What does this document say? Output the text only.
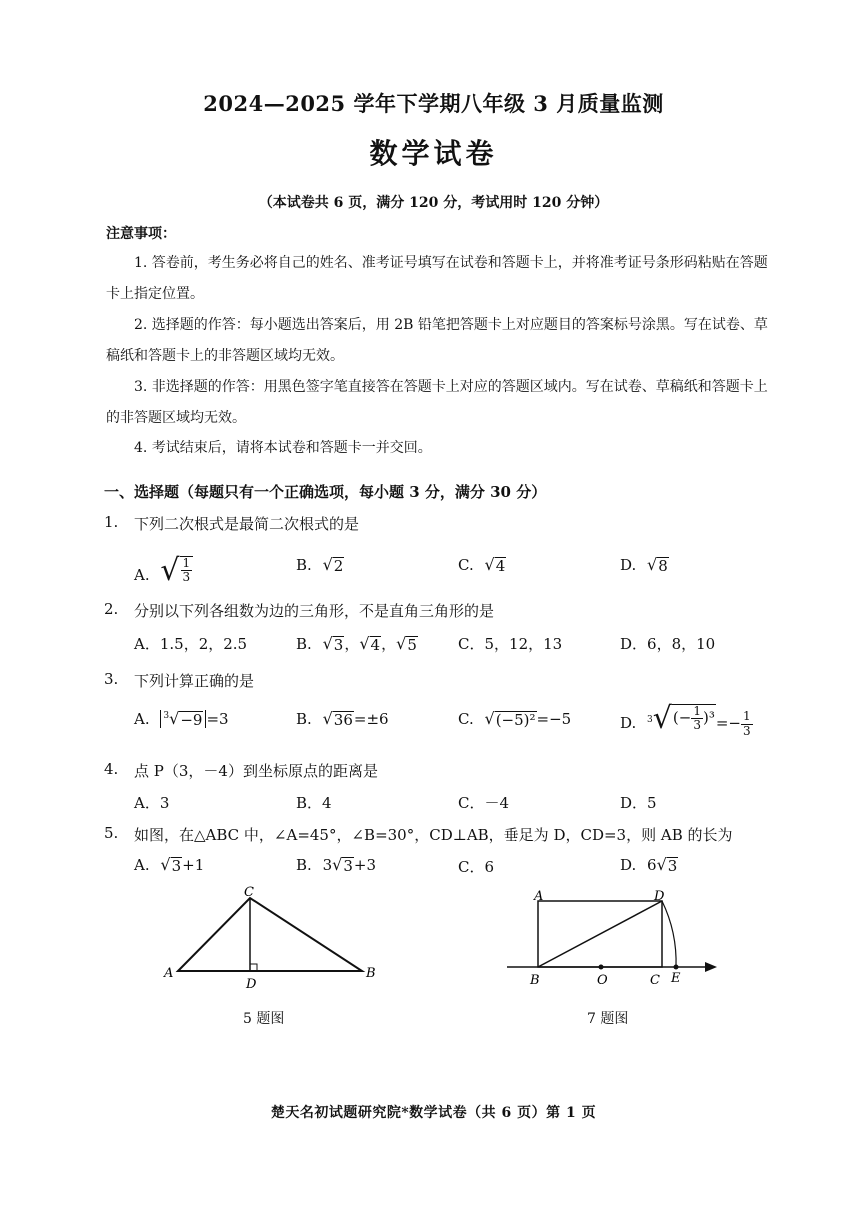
2024—2025 学年下学期八年级 3 月质量监测
数学试卷
（本试卷共 6 页，满分 120 分，考试用时 120 分钟）
注意事项：
1. 答卷前，考生务必将自己的姓名、准考证号填写在试卷和答题卡上，并将准考证号条形码粘贴在答题卡上指定位置。
2. 选择题的作答：每小题选出答案后，用 2B 铅笔把答题卡上对应题目的答案标号涂黑。写在试卷、草稿纸和答题卡上的非答题区域均无效。
3. 非选择题的作答：用黑色签字笔直接答在答题卡上对应的答题区域内。写在试卷、草稿纸和答题卡上的非答题区域均无效。
4. 考试结束后，请将本试卷和答题卡一并交回。
一、选择题（每题只有一个正确选项，每小题 3 分，满分 30 分）
1. 下列二次根式是最简二次根式的是
A. √ $\frac{1}{3}$	B. √ 2	C. √ 4	D. √ 8
2. 分别以下列各组数为边的三角形，不是直角三角形的是
A．1.5，2，2.5	B. √ 3 ， √ 4 ， √ 5	C．5，12，13	D．6，8，10
3. 下列计算正确的是
A. $^3$ √ −9 =3	B. √ 36 =±6	C. √ (−5)² =−5	D. $^3$ √ (− $\frac{1}{3} )^3 =- \frac{1}{3}$
4. 点 P（3，－4）到坐标原点的距离是
A．3	B．4	C．－4	D．5
5. 如图，在△ABC 中，∠A=45°，∠B=30°，CD⊥AB，垂足为 D，CD=3，则 AB 的长为
A. √ 3 +1	B. 3 √ 3 +3	C．6	D. 6 √ 3
A
C
B
D
5 题图
A	D
B	O	C E
7 题图
楚天名初试题研究院*数学试卷（共 6 页）第 1 页
